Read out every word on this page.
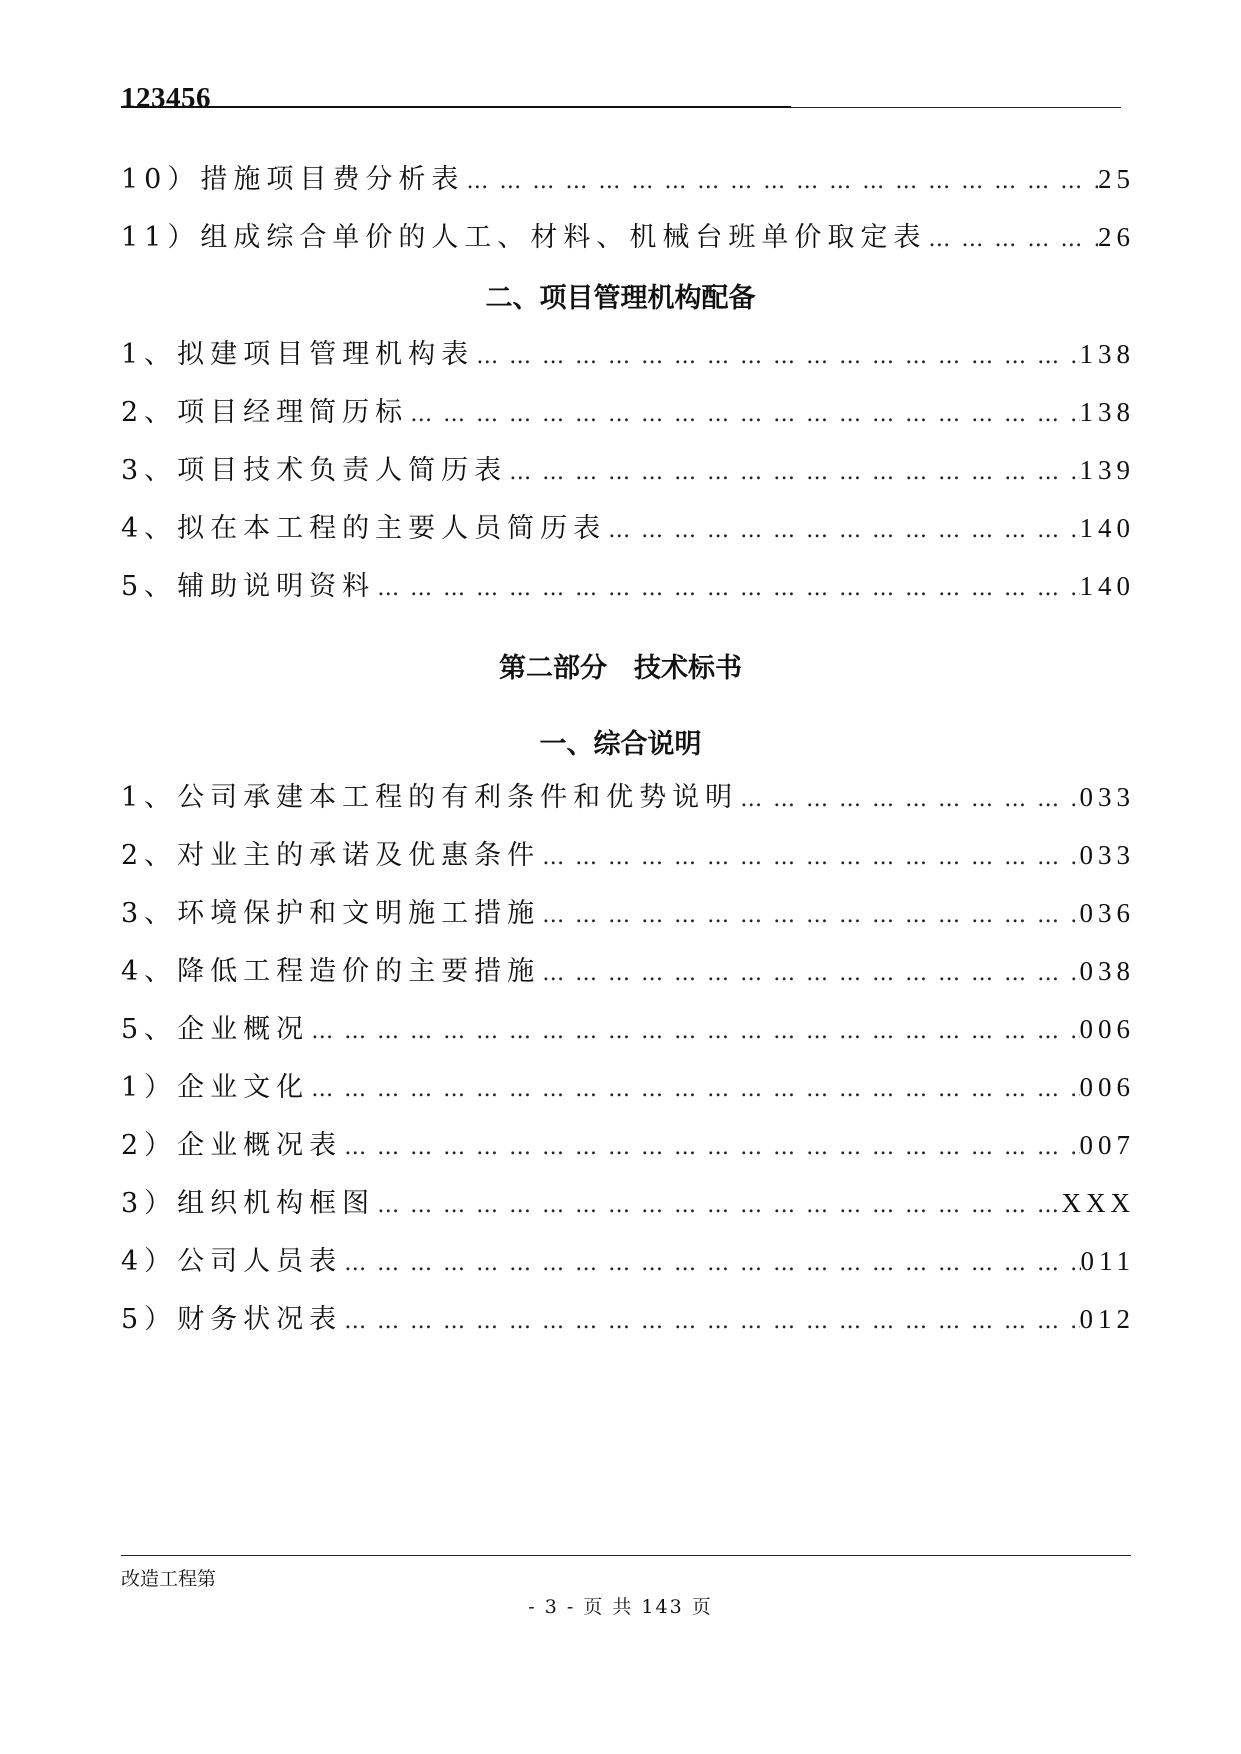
123456
10）措施项目费分析表 … … … … … … … … … … … … … … … … … … … … … … … … … … … … … … … … … … … … … … … … … …	25
11）组成综合单价的人工、材料、机械台班单价取定表 … … … … … … … … … … … … … … … … … … … … … … … … … … … … … … … … … … … … … … … … … …	26
二、项目管理机构配备
1、拟建项目管理机构表 … … … … … … … … … … … … … … … … … … … … … … … … … … … … … … … … … … … … … … … … … …	138
2、项目经理简历标 … … … … … … … … … … … … … … … … … … … … … … … … … … … … … … … … … … … … … … … … … …	138
3、项目技术负责人简历表 … … … … … … … … … … … … … … … … … … … … … … … … … … … … … … … … … … … … … … … … … …	139
4、拟在本工程的主要人员简历表 … … … … … … … … … … … … … … … … … … … … … … … … … … … … … … … … … … … … … … … … … …	140
5、辅助说明资料 … … … … … … … … … … … … … … … … … … … … … … … … … … … … … … … … … … … … … … … … … …	140
第二部分　技术标书
一、综合说明
1、公司承建本工程的有利条件和优势说明 … … … … … … … … … … … … … … … … … … … … … … … … … … … … … … … … … … … … … … … … … …	033
2、对业主的承诺及优惠条件 … … … … … … … … … … … … … … … … … … … … … … … … … … … … … … … … … … … … … … … … … …	033
3、环境保护和文明施工措施 … … … … … … … … … … … … … … … … … … … … … … … … … … … … … … … … … … … … … … … … … …	036
4、降低工程造价的主要措施 … … … … … … … … … … … … … … … … … … … … … … … … … … … … … … … … … … … … … … … … … …	038
5、企业概况 … … … … … … … … … … … … … … … … … … … … … … … … … … … … … … … … … … … … … … … … … …	006
1）企业文化 … … … … … … … … … … … … … … … … … … … … … … … … … … … … … … … … … … … … … … … … … …	006
2）企业概况表 … … … … … … … … … … … … … … … … … … … … … … … … … … … … … … … … … … … … … … … … … …	007
3）组织机构框图 … … … … … … … … … … … … … … … … … … … … … … … … … … … … … … … … … … … … … … … … … …	XXX
4）公司人员表 … … … … … … … … … … … … … … … … … … … … … … … … … … … … … … … … … … … … … … … … … …	011
5）财务状况表 … … … … … … … … … … … … … … … … … … … … … … … … … … … … … … … … … … … … … … … … … …	012
改造工程第
- 3 - 页 共 143 页
